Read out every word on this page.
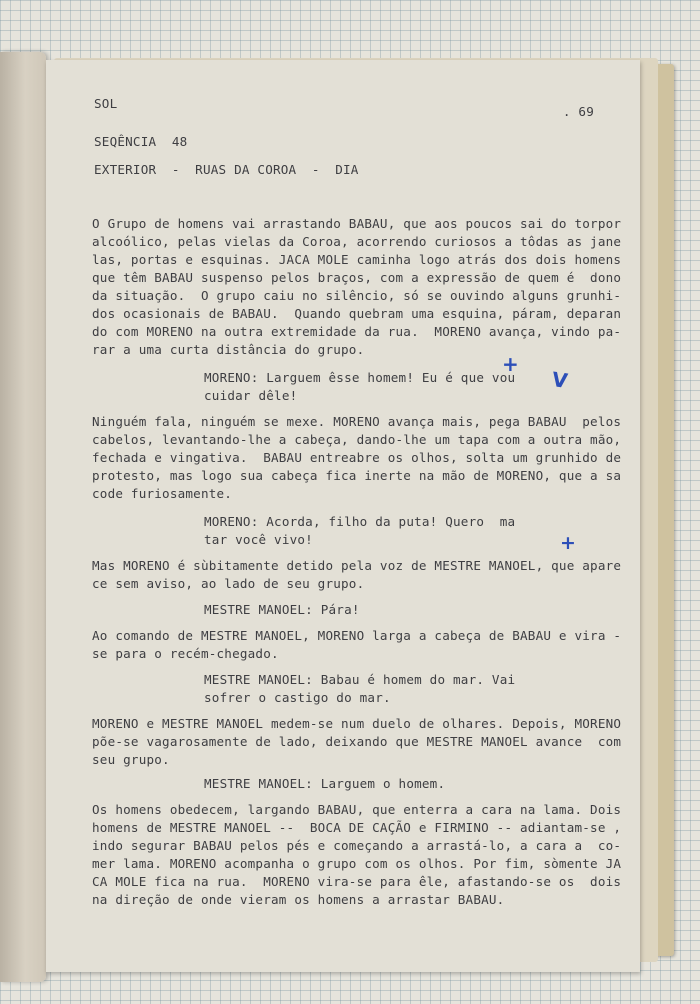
SOL
. 69
SEQÊNCIA  48
EXTERIOR  -  RUAS DA COROA  -  DIA
O Grupo de homens vai arrastando BABAU, que aos poucos sai do torpor
alcoólico, pelas vielas da Coroa, acorrendo curiosos a tôdas as jane
las, portas e esquinas. JACA MOLE caminha logo atrás dos dois homens
que têm BABAU suspenso pelos braços, com a expressão de quem é  dono
da situação.  O grupo caiu no silêncio, só se ouvindo alguns grunhi-
dos ocasionais de BABAU.  Quando quebram uma esquina, páram, deparan
do com MORENO na outra extremidade da rua.  MORENO avança, vindo pa-
rar a uma curta distância do grupo.
MORENO: Larguem êsse homem! Eu é que vou
cuidar dêle!
Ninguém fala, ninguém se mexe. MORENO avança mais, pega BABAU  pelos
cabelos, levantando-lhe a cabeça, dando-lhe um tapa com a outra mão,
fechada e vingativa.  BABAU entreabre os olhos, solta um grunhido de
protesto, mas logo sua cabeça fica inerte na mão de MORENO, que a sa
code furiosamente.
MORENO: Acorda, filho da puta! Quero  ma
tar você vivo!
Mas MORENO é sùbitamente detido pela voz de MESTRE MANOEL, que apare
ce sem aviso, ao lado de seu grupo.
MESTRE MANOEL: Pára!
Ao comando de MESTRE MANOEL, MORENO larga a cabeça de BABAU e vira -
se para o recém-chegado.
MESTRE MANOEL: Babau é homem do mar. Vai
sofrer o castigo do mar.
MORENO e MESTRE MANOEL medem-se num duelo de olhares. Depois, MORENO
põe-se vagarosamente de lado, deixando que MESTRE MANOEL avance  com
seu grupo.
MESTRE MANOEL: Larguem o homem.
Os homens obedecem, largando BABAU, que enterra a cara na lama. Dois
homens de MESTRE MANOEL --  BOCA DE CAÇÃO e FIRMINO -- adiantam-se ,
indo segurar BABAU pelos pés e começando a arrastá-lo, a cara a  co-
mer lama. MORENO acompanha o grupo com os olhos. Por fim, sòmente JA
CA MOLE fica na rua.  MORENO vira-se para êle, afastando-se os  dois
na direção de onde vieram os homens a arrastar BABAU.
+
V
+
